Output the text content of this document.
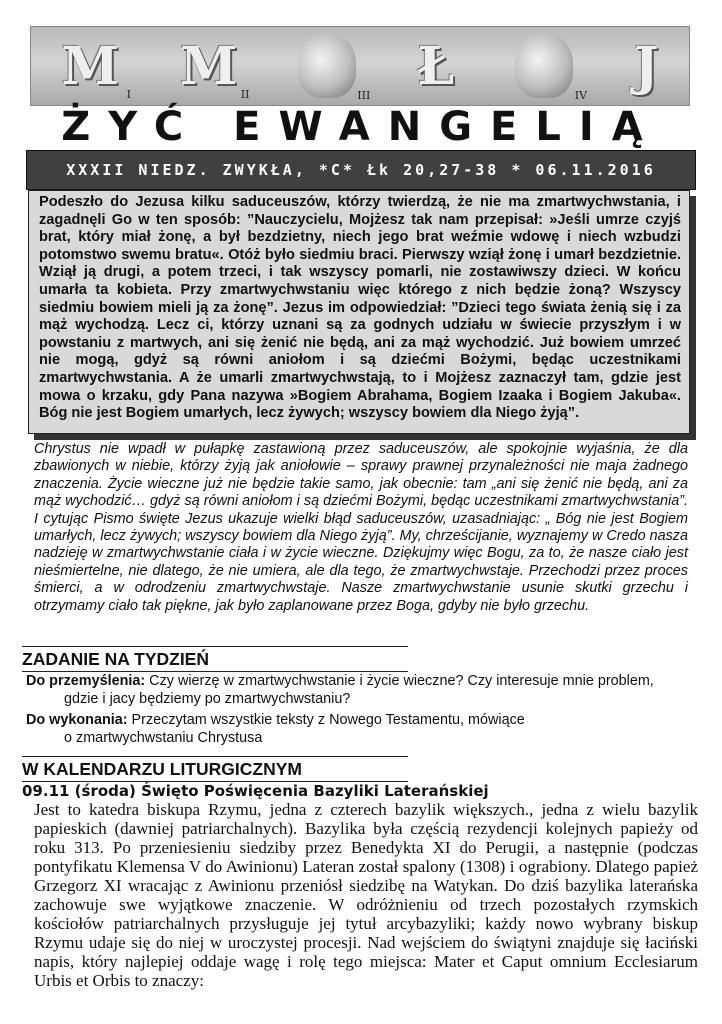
M I M II	III Ł	IV J
ŻYĆ EWANGELIĄ
XXXII NIEDZ. ZWYKŁA, *C* Łk 20,27-38 * 06.11.2016
Podeszło do Jezusa kilku saduceuszów, którzy twierdzą, że nie ma zmartwychwstania, i zagadnęli Go w ten sposób: ”Nauczycielu, Mojżesz tak nam przepisał: »Jeśli umrze czyjś brat, który miał żonę, a był bezdzietny, niech jego brat weźmie wdowę i niech wzbudzi potomstwo swemu bratu«. Otóż było siedmiu braci. Pierwszy wziął żonę i umarł bezdzietnie. Wziął ją drugi, a potem trzeci, i tak wszyscy pomarli, nie zostawiwszy dzieci. W końcu umarła ta kobieta. Przy zmartwychwstaniu więc którego z nich będzie żoną? Wszyscy siedmiu bowiem mieli ją za żonę”. Jezus im odpowiedział: ”Dzieci tego świata żenią się i za mąż wychodzą. Lecz ci, którzy uznani są za godnych udziału w świecie przyszłym i w powstaniu z martwych, ani się żenić nie będą, ani za mąż wychodzić. Już bowiem umrzeć nie mogą, gdyż są równi aniołom i są dziećmi Bożymi, będąc uczestnikami zmartwychwstania. A że umarli zmartwychwstają, to i Mojżesz zaznaczył tam, gdzie jest mowa o krzaku, gdy Pana nazywa »Bogiem Abrahama, Bogiem Izaaka i Bogiem Jakuba«. Bóg nie jest Bogiem umarłych, lecz żywych; wszyscy bowiem dla Niego żyją”.
Chrystus nie wpadł w pułapkę zastawioną przez saduceuszów, ale spokojnie wyjaśnia, że dla zbawionych w niebie, którzy żyją jak aniołowie – sprawy prawnej przynależności nie maja żadnego znaczenia. Życie wieczne już nie będzie takie samo, jak obecnie: tam „ani się żenić nie będą, ani za mąż wychodzić… gdyż są równi aniołom i są dziećmi Bożymi, będąc uczestnikami zmartwychwstania”. I cytując Pismo święte Jezus ukazuje wielki błąd saduceuszów, uzasadniając: „ Bóg nie jest Bogiem umarłych, lecz żywych; wszyscy bowiem dla Niego żyją”. My, chrześcijanie, wyznajemy w Credo nasza nadzieję w zmartwychwstanie ciała i w życie wieczne. Dziękujmy więc Bogu, za to, że nasze ciało jest nieśmiertelne, nie dlatego, że nie umiera, ale dla tego, że zmartwychwstaje. Przechodzi przez proces śmierci, a w odrodzeniu zmartwychwstaje. Nasze zmartwychwstanie usunie skutki grzechu i otrzymamy ciało tak piękne, jak było zaplanowane przez Boga, gdyby nie było grzechu.
ZADANIE NA TYDZIEŃ
Do przemyślenia: Czy wierzę w zmartwychwstanie i życie wieczne? Czy interesuje mnie problem,
gdzie i jacy będziemy po zmartwychwstaniu?
Do wykonania: Przeczytam wszystkie teksty z Nowego Testamentu, mówiące
o zmartwychwstaniu Chrystusa
W KALENDARZU LITURGICZNYM
09.11 (środa) Święto Poświęcenia Bazyliki Laterańskiej
Jest to katedra biskupa Rzymu, jedna z czterech bazylik większych., jedna z wielu bazylik papieskich (dawniej patriarchalnych). Bazylika była częścią rezydencji kolejnych papieży od roku 313. Po przeniesieniu siedziby przez Benedykta XI do Perugii, a następnie (podczas pontyfikatu Klemensa V do Awinionu) Lateran został spalony (1308) i ograbiony. Dlatego papież Grzegorz XI wracając z Awinionu przeniósł siedzibę na Watykan. Do dziś bazylika laterańska zachowuje swe wyjątkowe znaczenie. W odróżnieniu od trzech pozostałych rzymskich kościołów patriarchalnych przysługuje jej tytuł arcybazyliki; każdy nowo wybrany biskup Rzymu udaje się do niej w uroczystej procesji. Nad wejściem do świątyni znajduje się łaciński napis, który najlepiej oddaje wagę i rolę tego miejsca: Mater et Caput omnium Ecclesiarum Urbis et Orbis to znaczy:
